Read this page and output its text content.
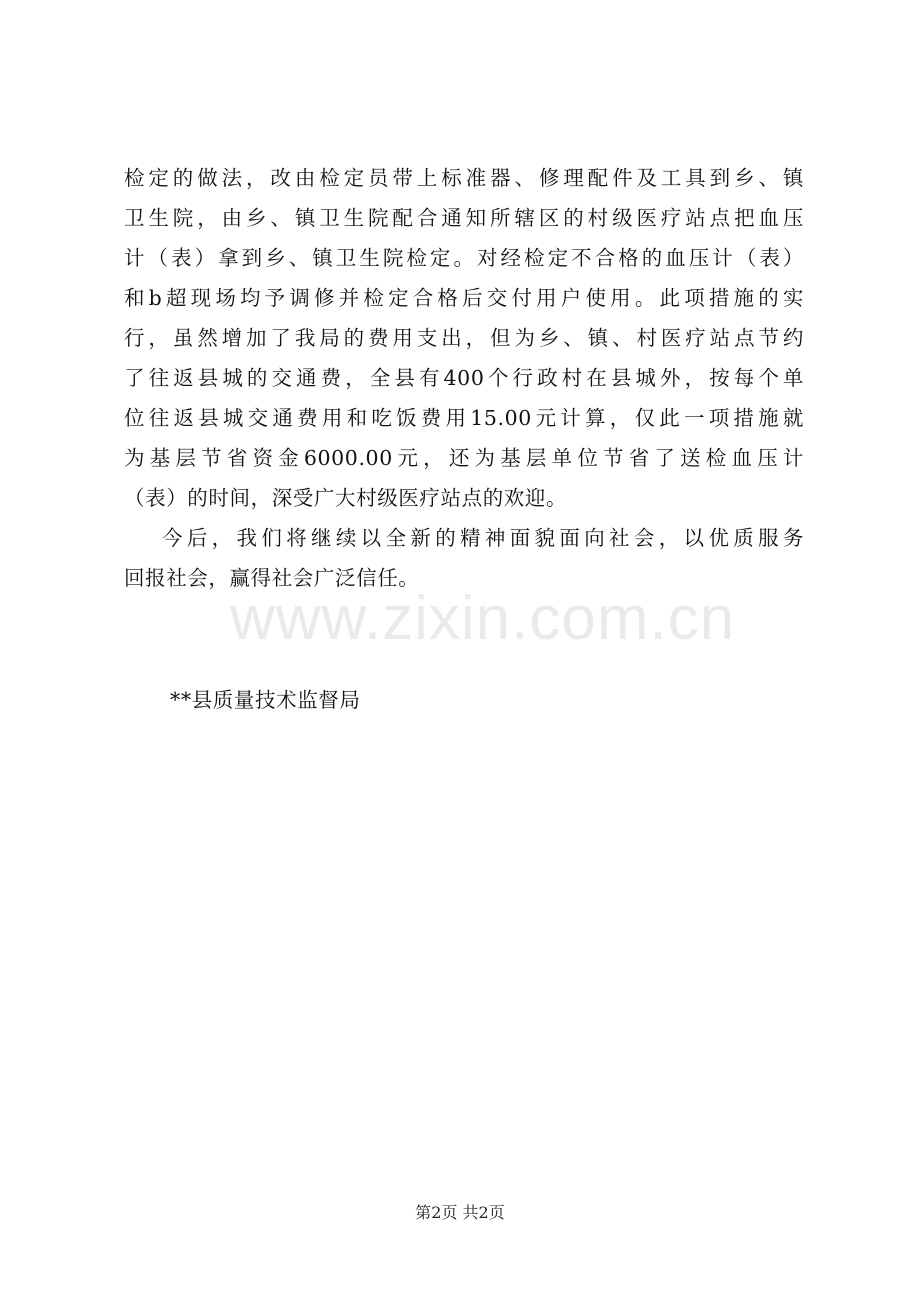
www.zixin.com.cn
检定的做法，改由检定员带上标准器、修理配件及工具到乡、镇
卫生院，由乡、镇卫生院配合通知所辖区的村级医疗站点把血压
计（表）拿到乡、镇卫生院检定。对经检定不合格的血压计（表）
和b超现场均予调修并检定合格后交付用户使用。此项措施的实
行，虽然增加了我局的费用支出，但为乡、镇、村医疗站点节约
了往返县城的交通费，全县有400个行政村在县城外，按每个单
位往返县城交通费用和吃饭费用15.00元计算，仅此一项措施就
为基层节省资金6000.00元，还为基层单位节省了送检血压计
（表）的时间，深受广大村级医疗站点的欢迎。
今后，我们将继续以全新的精神面貌面向社会，以优质服务
回报社会，赢得社会广泛信任。
**县质量技术监督局
第2页 共2页
